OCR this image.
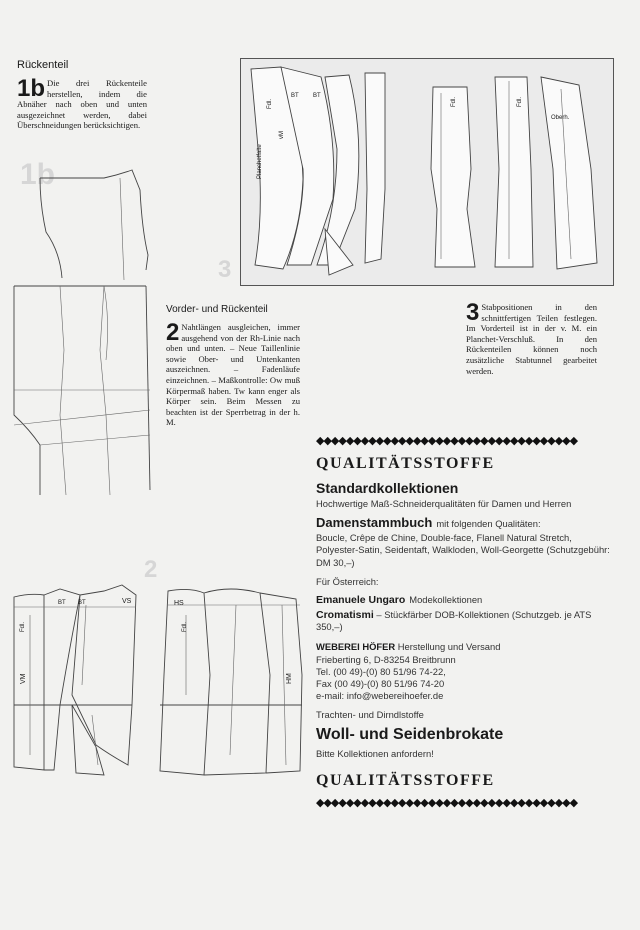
Rückenteil
1b Die drei Rückenteile herstellen, indem die Abnäher nach oben und unten ausgezeichnet werden, dabei Überschneidungen berücksichtigen.
1b	Planchetfalte
Fdl.
BT BT
vM
Fdl.	Fdl.
Oberh.
3
Vorder- und Rückenteil
2 Nahtlängen ausgleichen, immer ausgehend von der Rh-Linie nach oben und unten. – Neue Taillenlinie sowie Ober- und Untenkanten auszeichnen. – Fadenläufe einzeichnen. – Maßkontrolle: Ow muß Körpermaß haben. Tw kann enger als Körper sein. Beim Messen zu beachten ist der Sperrbetrag in der h. M.
3 Stabpositionen in den schnittfertigen Teilen festlegen. Im Vorderteil ist in der v. M. ein Planchet-Verschluß. In den Rückenteilen können noch zusätzliche Stabtunnel gearbeitet werden.
2
BT BT	VS
Fdl.
VM
HS
Fdl.
HM

◆◆◆◆◆◆◆◆◆◆◆◆◆◆◆◆◆◆◆◆◆◆◆◆◆◆◆◆◆◆◆◆◆◆◆

QUALITÄTSSTOFFE

Standardkollektionen

Hochwertige Maß-Schneiderqualitäten für Damen und Herren

Damenstammbuch mit folgenden Qualitäten:

Boucle, Crêpe de Chine, Double-face, Flanell Natural Stretch, Polyester-Satin, Seidentaft, Walkloden, Woll-Georgette (Schutzgebühr: DM 30,–)

Für Österreich:

Emanuele Ungaro Modekollektionen

Cromatismi – Stückfärber DOB-Kollektionen (Schutzgeb. je ATS 350,–)

WEBEREI HÖFER Herstellung und Versand

Frieberting 6, D-83254 Breitbrunn

Tel. (00 49)-(0) 80 51/96 74-22,

Fax (00 49)-(0) 80 51/96 74-20

e-mail: info@webereihoefer.de

Trachten- und Dirndlstoffe

Woll- und Seidenbrokate

Bitte Kollektionen anfordern!

QUALITÄTSSTOFFE

◆◆◆◆◆◆◆◆◆◆◆◆◆◆◆◆◆◆◆◆◆◆◆◆◆◆◆◆◆◆◆◆◆◆◆
